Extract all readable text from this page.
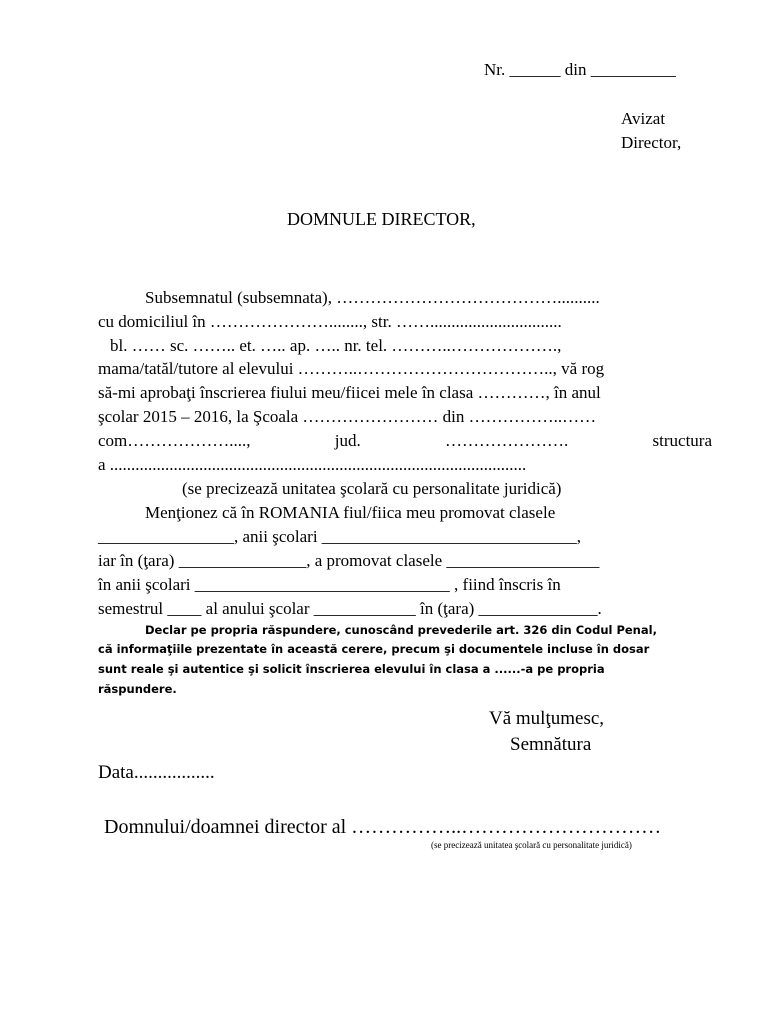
Nr. ______ din __________
Avizat
Director,
DOMNULE DIRECTOR,
Subsemnatul (subsemnata), …………………………………..........
cu domiciliul în …………………........, str. ……...............................
bl. …… sc. …….. et. ….. ap. ….. nr. tel. ………..……………….,
mama/tatăl/tutore al elevului ………..…………………………….., vă rog
să-mi aprobaţi înscrierea fiului meu/fiicei mele în clasa …………, în anul
şcolar 2015 – 2016, la Şcoala …………………… din ……………..……
com………………...., jud. …………………. structura
a ..................................................................................................
(se precizează unitatea şcolară cu personalitate juridică)
Menţionez că în ROMANIA fiul/fiica meu promovat clasele
________________, anii şcolari ______________________________,
iar în (ţara) _______________, a promovat clasele __________________
în anii şcolari ______________________________ , fiind înscris în
semestrul ____ al anului şcolar ____________ în (ţara) ______________.
Declar pe propria răspundere, cunoscând prevederile art. 326 din Codul Penal,
că informaţiile prezentate în această cerere, precum şi documentele incluse în dosar
sunt reale şi autentice şi solicit înscrierea elevului în clasa a ......-a pe propria
răspundere.
Vă mulţumesc,
Semnătura
Data.................
Domnului/doamnei director al ……………..…………………………
(se precizează unitatea şcolară cu personalitate juridică)
